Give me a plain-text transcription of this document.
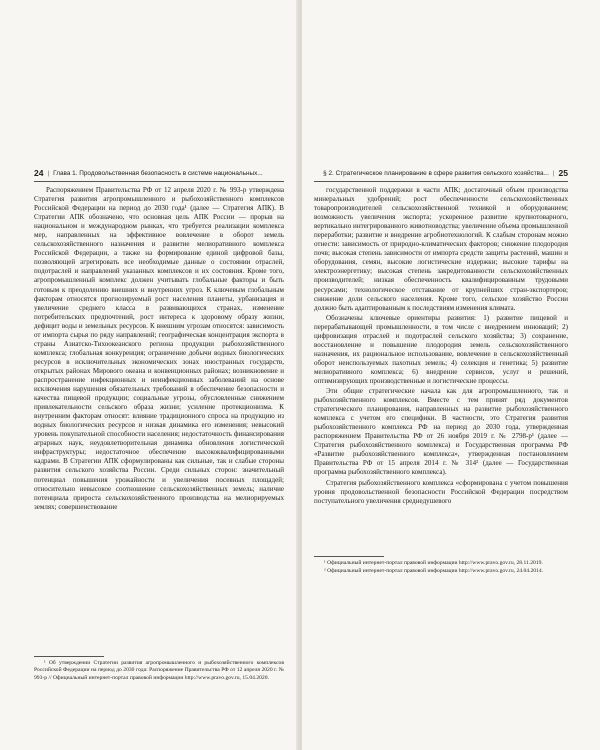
24 | Глава 1. Продовольственная безопасность в системе национальных...

Распоряжением Правительства РФ от 12 апреля 2020 г. № 993-р утверждена Стратегия развития агропромышленного и рыбохозяйственного комплексов Российской Федерации на период до 2030 года¹ (далее — Стратегия АПК). В Стратегии АПК обозначено, что основная цель АПК России — прорыв на национальном и международном рынках, что требуется реализации комплекса мер, направленных на эффективное вовлечение в оборот земель сельскохозяйственного назначения и развитие мелиоративного комплекса Российской Федерации, а также на формирование единой цифровой базы, позволяющей агрегировать все необходимые данные о состоянии отраслей, подотраслей и направлений указанных комплексов и их состояния. Кроме того, агропромышленный комплекс должен учитывать глобальные факторы и быть готовым к преодолению внешних и внутренних угроз. К ключевым глобальным факторам относятся прогнозируемый рост населения планеты, урбанизация и увеличение среднего класса в развивающихся странах, изменение потребительских предпочтений, рост интереса к здоровому образу жизни, дефицит воды и земельных ресурсов. К внешним угрозам относятся: зависимость от импорта сырья по ряду направлений; географическая концентрация экспорта в страны Азиатско-Тихоокеанского региона продукции рыбохозяйственного комплекса; глобальная конкуренция; ограничение добычи водных биологических ресурсов в исключительных экономических зонах иностранных государств, открытых районах Мирового океана и конвенционных районах; возникновение и распространение инфекционных и неинфекционных заболеваний на основе исключения нарушения обязательных требований в обеспечение безопасности и качества пищевой продукции; социальные угрозы, обусловленные снижением привлекательности сельского образа жизни; усиление протекционизма. К внутренним факторам относят: влияние традиционного спроса на продукцию из водных биологических ресурсов и низкая динамика его изменения; невысокий уровень покупательной способности населения; недостаточность финансирования аграрных наук, неудовлетворительная динамика обновления логистической инфраструктуры; недостаточное обеспечение высококвалифицированными кадрами. В Стратегии АПК сформулированы как сильные, так и слабые стороны развития сельского хозяйства России. Среди сильных сторон: значительный потенциал повышения урожайности и увеличения посевных площадей; относительно невысокое соотношение сельскохозяйственных земель; наличие потенциала прироста сельскохозяйственного производства на мелиорируемых землях; совершенствование

¹ Об утверждении Стратегии развития агропромышленного и рыбохозяйственного комплексов Российской Федерации на период до 2030 года: Распоряжение Правительства РФ от 12 апреля 2020 г. № 993-р // Официальный интернет-портал правовой информации http://www.pravo.gov.ru, 15.04.2020.

§ 2. Стратегическое планирование в сфере развития сельского хозяйства... | 25

государственной поддержки в части АПК; достаточный объем производства минеральных удобрений; рост обеспеченности сельскохозяйственных товаропроизводителей сельскохозяйственной техникой и оборудованием; возможность увеличения экспорта; ускоренное развитие крупнотоварного, вертикально интегрированного животноводства; увеличение объема промышленной переработки; развитие и внедрение агробиотехнологий. К слабым сторонам можно отнести: зависимость от природно-климатических факторов; снижение плодородия почв; высокая степень зависимости от импорта средств защиты растений, машин и оборудования, семян, высокие логистические издержки; высокие тарифы на электроэнергетику; высокая степень закредитованности сельскохозяйственных производителей; низкая обеспеченность квалифицированным трудовыми ресурсами; технологическое отставание от крупнейших стран-экспортеров; снижение доли сельского населения. Кроме того, сельское хозяйство России должно быть адаптированным к последствиям изменения климата.

Обозначены ключевые ориентиры развития: 1) развитие пищевой и перерабатывающей промышленности, в том числе с внедрением инноваций; 2) цифровизация отраслей и подотраслей сельского хозяйства; 3) сохранение, восстановление и повышение плодородия земель сельскохозяйственного назначения, их рациональное использование, вовлечение в сельскохозяйственный оборот неиспользуемых пахотных земель; 4) селекция и генетика; 5) развитие мелиоративного комплекса; 6) внедрение сервисов, услуг и решений, оптимизирующих производственные и логистические процессы.

Эти общие стратегические начала как для агропромышленного, так и рыбохозяйственного комплексов. Вместе с тем принят ряд документов стратегического планирования, направленных на развитие рыбохозяйственного комплекса с учетом его специфики. В частности, это Стратегия развития рыбохозяйственного комплекса РФ на период до 2030 года, утвержденная распоряжением Правительства РФ от 26 ноября 2019 г. № 2798-р¹ (далее — Стратегия рыбохозяйственного комплекса) и Государственная программа РФ «Развитие рыбохозяйственного комплекса», утвержденная постановлением Правительства РФ от 15 апреля 2014 г. № 314² (далее — Государственная программа рыбохозяйственного комплекса).

Стратегия рыбохозяйственного комплекса «сформирована с учетом повышения уровня продовольственной безопасности Российской Федерации посредством поступательного увеличения среднедушевого

¹ Официальный интернет-портал правовой информации http://www.pravo.gov.ru, 28.11.2019.

² Официальный интернет-портал правовой информации http://www.pravo.gov.ru, 24.04.2014.
